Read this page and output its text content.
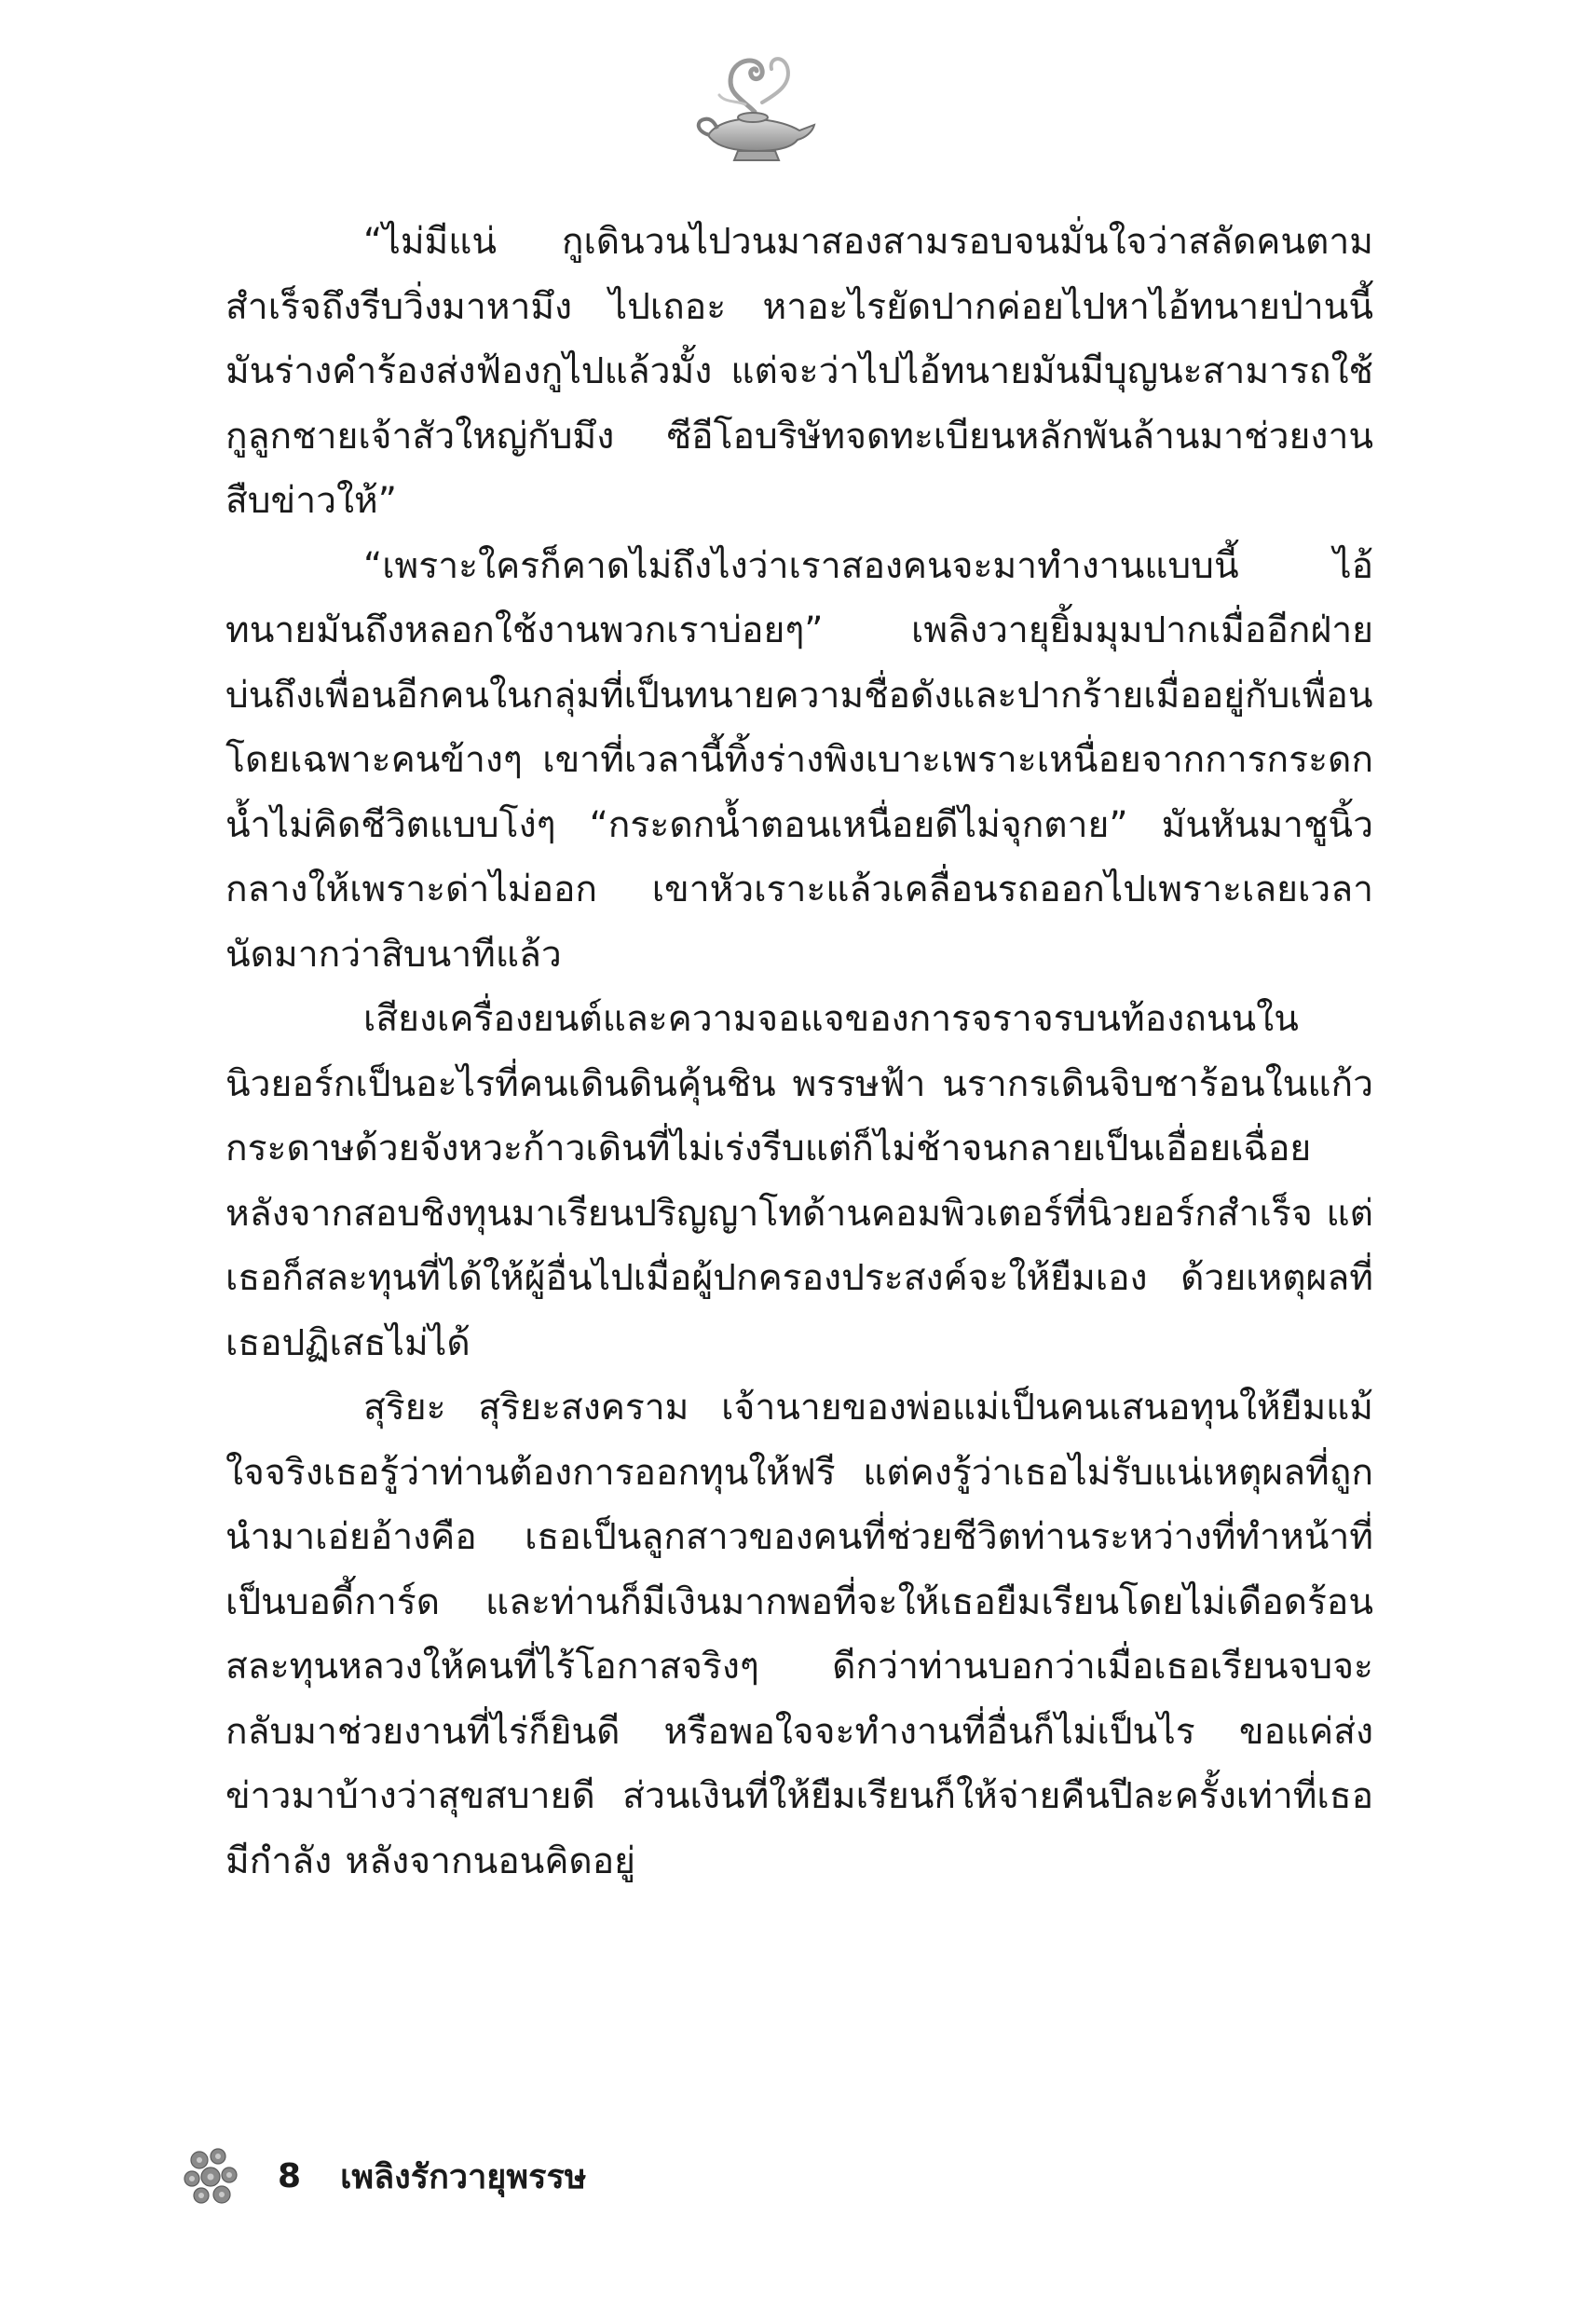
“ไม่มีแน่ กูเดินวนไปวนมาสองสามรอบจนมั่นใจว่าสลัดคนตามสำเร็จถึงรีบวิ่งมาหามึง ไปเถอะ หาอะไรยัดปากค่อยไปหาไอ้ทนายป่านนี้มันร่างคำร้องส่งฟ้องกูไปแล้วมั้ง แต่จะว่าไปไอ้ทนายมันมีบุญนะสามารถใช้กูลูกชายเจ้าสัวใหญ่กับมึง ซีอีโอบริษัทจดทะเบียนหลักพันล้านมาช่วยงานสืบข่าวให้”

“เพราะใครก็คาดไม่ถึงไงว่าเราสองคนจะมาทำงานแบบนี้ ไอ้ทนายมันถึงหลอกใช้งานพวกเราบ่อยๆ” เพลิงวายุยิ้มมุมปากเมื่ออีกฝ่ายบ่นถึงเพื่อนอีกคนในกลุ่มที่เป็นทนายความชื่อดังและปากร้ายเมื่ออยู่กับเพื่อนโดยเฉพาะคนข้างๆ เขาที่เวลานี้ทิ้งร่างพิงเบาะเพราะเหนื่อยจากการกระดกน้ำไม่คิดชีวิตแบบโง่ๆ “กระดกน้ำตอนเหนื่อยดีไม่จุกตาย” มันหันมาชูนิ้วกลางให้เพราะด่าไม่ออก เขาหัวเราะแล้วเคลื่อนรถออกไปเพราะเลยเวลานัดมากว่าสิบนาทีแล้ว

เสียงเครื่องยนต์และความจอแจของการจราจรบนท้องถนนในนิวยอร์กเป็นอะไรที่คนเดินดินคุ้นชิน พรรษฟ้า นรากรเดินจิบชาร้อนในแก้วกระดาษด้วยจังหวะก้าวเดินที่ไม่เร่งรีบแต่ก็ไม่ช้าจนกลายเป็นเอื่อยเฉื่อย หลังจากสอบชิงทุนมาเรียนปริญญาโทด้านคอมพิวเตอร์ที่นิวยอร์กสำเร็จ แต่เธอก็สละทุนที่ได้ให้ผู้อื่นไปเมื่อผู้ปกครองประสงค์จะให้ยืมเอง ด้วยเหตุผลที่เธอปฏิเสธไม่ได้

สุริยะ สุริยะสงคราม เจ้านายของพ่อแม่เป็นคนเสนอทุนให้ยืมแม้ใจจริงเธอรู้ว่าท่านต้องการออกทุนให้ฟรี แต่คงรู้ว่าเธอไม่รับแน่เหตุผลที่ถูกนำมาเอ่ยอ้างคือ เธอเป็นลูกสาวของคนที่ช่วยชีวิตท่านระหว่างที่ทำหน้าที่เป็นบอดี้การ์ด และท่านก็มีเงินมากพอที่จะให้เธอยืมเรียนโดยไม่เดือดร้อน สละทุนหลวงให้คนที่ไร้โอกาสจริงๆ ดีกว่าท่านบอกว่าเมื่อเธอเรียนจบจะกลับมาช่วยงานที่ไร่ก็ยินดี หรือพอใจจะทำงานที่อื่นก็ไม่เป็นไร ขอแค่ส่งข่าวมาบ้างว่าสุขสบายดี ส่วนเงินที่ให้ยืมเรียนก็ให้จ่ายคืนปีละครั้งเท่าที่เธอมีกำลัง หลังจากนอนคิดอยู่

8 เพลิงรักวายุพรรษ
